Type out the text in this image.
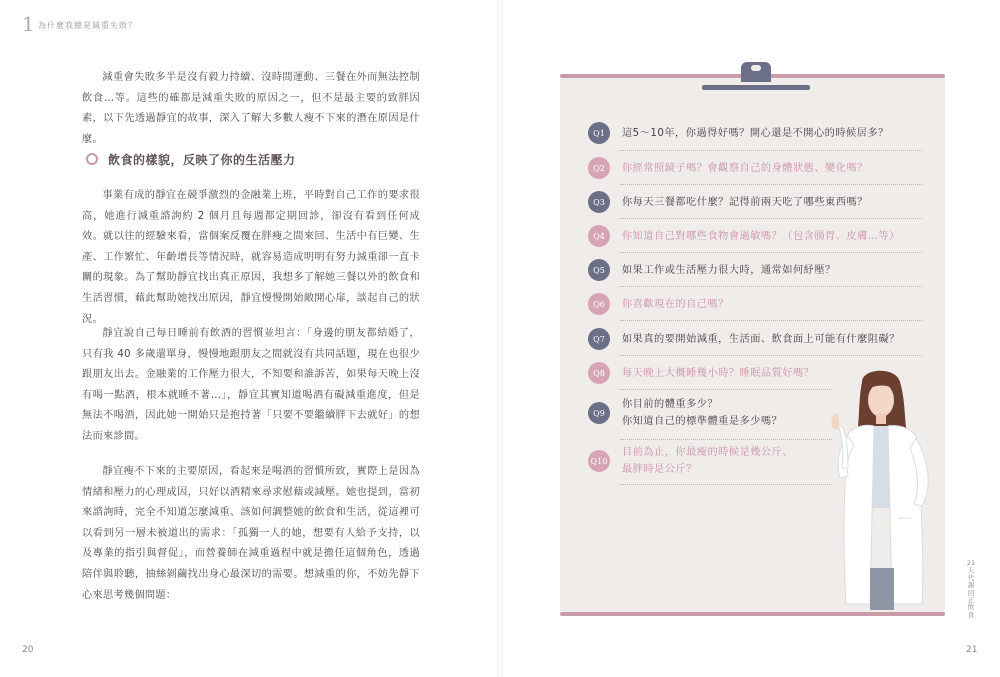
1 為什麼我總是減重失敗？

減重會失敗多半是沒有毅力持續、沒時間運動、三餐在外而無法控制飲食…等。這些的確都是減重失敗的原因之一，但不是最主要的致胖因素，以下先透過靜宜的故事，深入了解大多數人瘦不下來的潛在原因是什麼。

飲食的樣貌，反映了你的生活壓力

事業有成的靜宜在競爭激烈的金融業上班，平時對自己工作的要求很高，她進行減重諮詢約 2 個月且每週都定期回診，卻沒有看到任何成效。就以往的經驗來看，當個案反覆在胖瘦之間來回、生活中有巨變、生產、工作繁忙、年齡增長等情況時，就容易造成明明有努力減重卻一直卡關的現象。為了幫助靜宜找出真正原因，我想多了解她三餐以外的飲食和生活習慣，藉此幫助她找出原因，靜宜慢慢開始敞開心扉，談起自己的狀況。

靜宜說自己每日睡前有飲酒的習慣並坦言：「身邊的朋友都結婚了，只有我 40 多歲還單身，慢慢地跟朋友之間就沒有共同話題，現在也很少跟朋友出去。金融業的工作壓力很大，不知要和誰訴苦，如果每天晚上沒有喝一點酒，根本就睡不著…」，靜宜其實知道喝酒有礙減重進度，但是無法不喝酒，因此她一開始只是抱持著「只要不要繼續胖下去就好」的想法而來診間。

靜宜瘦不下來的主要原因，看起來是喝酒的習慣所致，實際上是因為情緒和壓力的心理成因，只好以酒精來尋求慰藉或減壓。她也提到，當初來諮詢時，完全不知道怎麼減重、該如何調整她的飲食和生活，從這裡可以看到另一層未被道出的需求：「孤獨一人的她，想要有人給予支持，以及專業的指引與督促」，而營養師在減重過程中就是擔任這個角色，透過陪伴與聆聽，抽絲剝繭找出身心最深切的需要。想減重的你，不妨先靜下心來思考幾個問題：

20
Q1	這5～10年，你過得好嗎？開心還是不開心的時候居多？
Q2	你經常照鏡子嗎？會觀察自己的身體狀態、變化嗎？
Q3	你每天三餐都吃什麼？記得前兩天吃了哪些東西嗎？
Q4	你知道自己對哪些食物會過敏嗎？（包含腸胃、皮膚…等）
Q5	如果工作或生活壓力很大時，通常如何紓壓？
Q6	你喜歡現在的自己嗎？
Q7	如果真的要開始減重，生活面、飲食面上可能有什麼阻礙？
Q8	每天晚上大概睡幾小時？睡眠品質好嗎？
Q9
你目前的體重多少？
你知道自己的標準體重是多少嗎？
Q10
目前為止，你最瘦的時候是幾公斤、
最胖時是公斤？
21天代謝回正飲食
21
